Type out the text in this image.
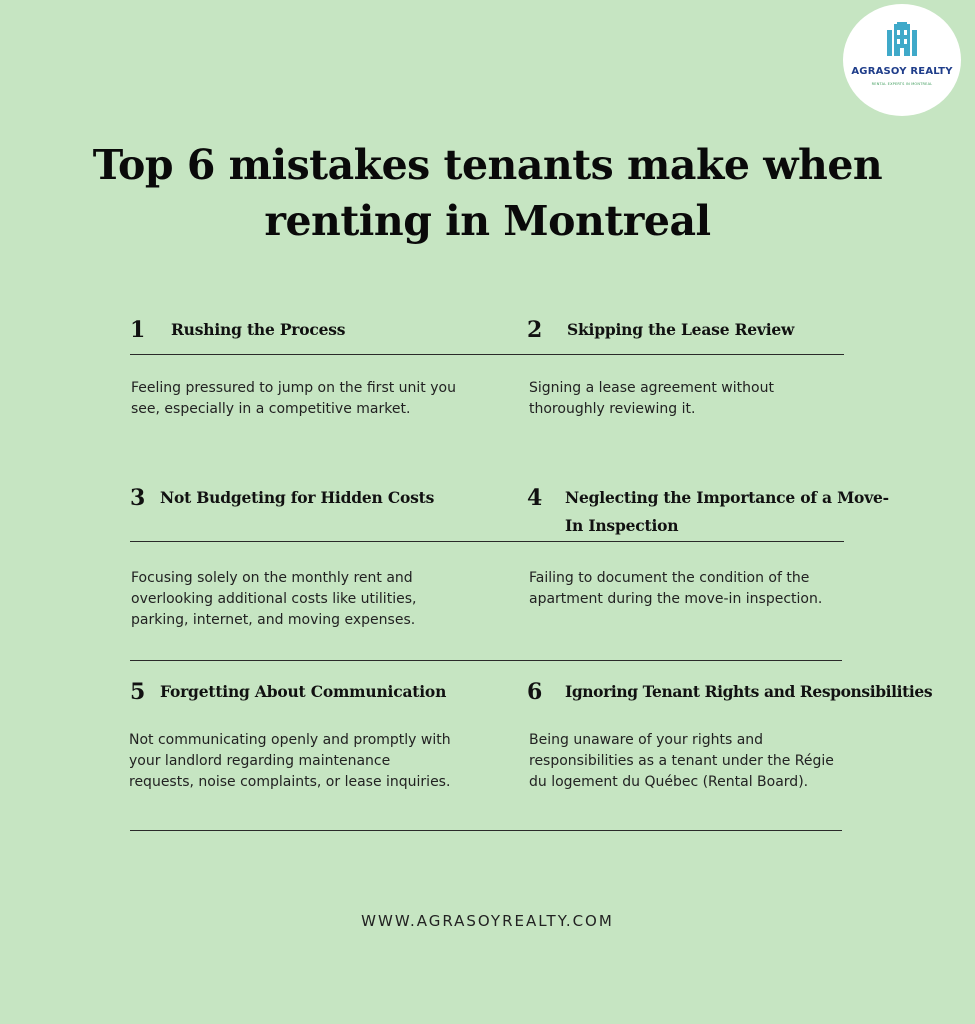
AGRASOY REALTY
RENTAL EXPERTS IN MONTREAL
Top 6 mistakes tenants make when renting in Montreal
1 Rushing the Process

Feeling pressured to jump on the first unit you see, especially in a competitive market.

2 Skipping the Lease Review

Signing a lease agreement without thoroughly reviewing it.

3 Not Budgeting for Hidden Costs

Focusing solely on the monthly rent and overlooking additional costs like utilities, parking, internet, and moving expenses.

4 Neglecting the Importance of a Move-In Inspection

Failing to document the condition of the apartment during the move-in inspection.

5 Forgetting About Communication

Not communicating openly and promptly with your landlord regarding maintenance requests, noise complaints, or lease inquiries.

6 Ignoring Tenant Rights and Responsibilities

Being unaware of your rights and responsibilities as a tenant under the Régie du logement du Québec (Rental Board).

WWW.AGRASOYREALTY.COM
